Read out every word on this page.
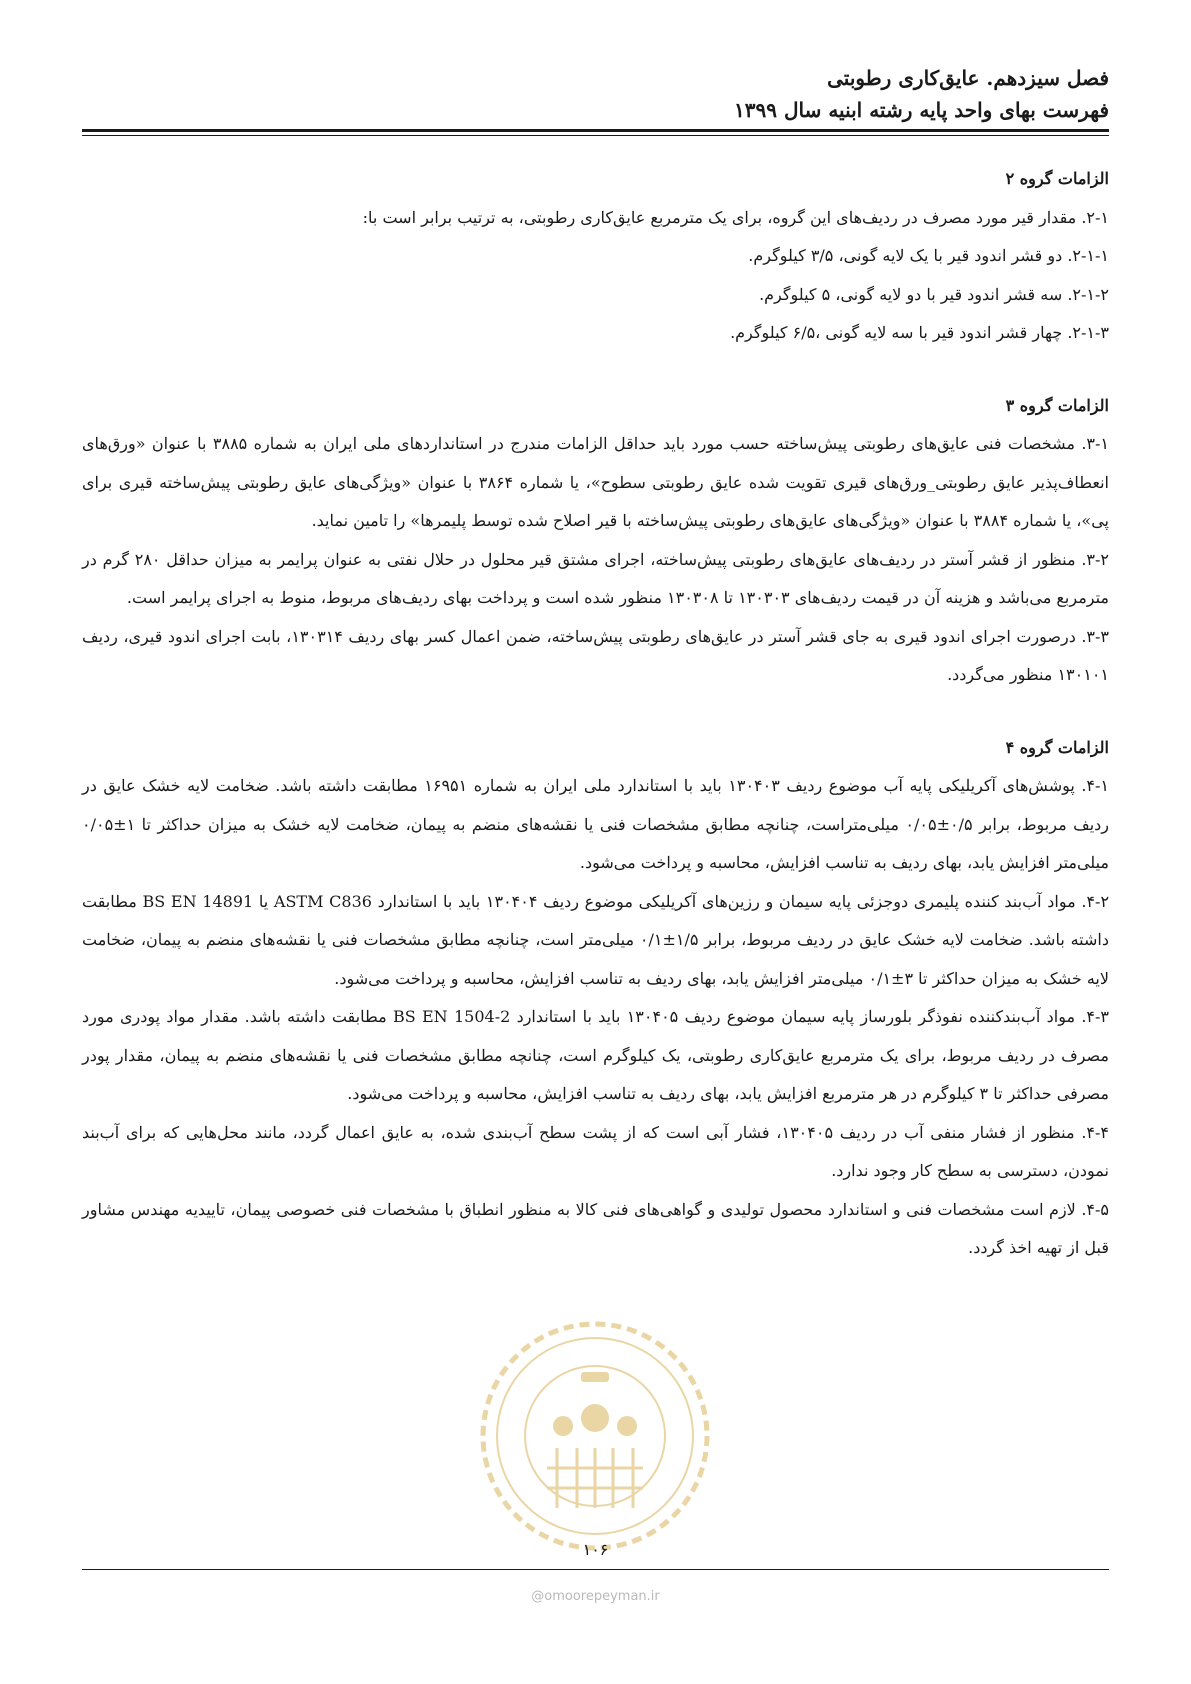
فصل سیزدهم. عایق‌کاری رطوبتی
فهرست بهای واحد پایه رشته ابنیه سال ۱۳۹۹
الزامات گروه ۲

۲-۱. مقدار قیر مورد مصرف در ردیف‌های این گروه، برای یک مترمربع عایق‌کاری رطوبتی، به ترتیب برابر است با:

۲-۱-۱. دو قشر اندود قیر با یک لایه گونی، ۳/۵ کیلوگرم.

۲-۱-۲. سه قشر اندود قیر با دو لایه گونی، ۵ کیلوگرم.

۲-۱-۳. چهار قشر اندود قیر با سه لایه گونی ،۶/۵ کیلوگرم.

الزامات گروه ۳

۳-۱. مشخصات فنی عایق‌های رطوبتی پیش‌ساخته حسب مورد باید حداقل الزامات مندرج در استانداردهای ملی ایران به شماره ۳۸۸۵ با عنوان «ورق‌های انعطاف‌پذیر عایق رطوبتی_ورق‌های قیری تقویت شده عایق رطوبتی سطوح»، یا شماره ۳۸۶۴ با عنوان «ویژگی‌های عایق رطوبتی پیش‌ساخته قیری برای پی»، یا شماره ۳۸۸۴ با عنوان «ویژگی‌های عایق‌های رطوبتی پیش‌ساخته با قیر اصلاح شده توسط پلیمرها» را تامین نماید.

۳-۲. منظور از قشر آستر در ردیف‌های عایق‌های رطوبتی پیش‌ساخته، اجرای مشتق قیر محلول در حلال نفتی به عنوان پرایمر به میزان حداقل ۲۸۰ گرم در مترمربع می‌باشد و هزینه آن در قیمت ردیف‌های ۱۳۰۳۰۳ تا ۱۳۰۳۰۸ منظور شده است و پرداخت بهای ردیف‌های مربوط، منوط به اجرای پرایمر است.

۳-۳. درصورت اجرای اندود قیری به جای قشر آستر در عایق‌های رطوبتی پیش‌ساخته، ضمن اعمال کسر بهای ردیف ۱۳۰۳۱۴، بابت اجرای اندود قیری، ردیف ۱۳۰۱۰۱ منظور می‌گردد.

الزامات گروه ۴

۴-۱. پوشش‌های آکریلیکی پایه آب موضوع ردیف ۱۳۰۴۰۳ باید با استاندارد ملی ایران به شماره ۱۶۹۵۱ مطابقت داشته باشد. ضخامت لایه خشک عایق در ردیف مربوط، برابر ۰/۵±۰/۰۵ میلی‌متراست، چنانچه مطابق مشخصات فنی یا نقشه‌های منضم به پیمان، ضخامت لایه خشک به میزان حداکثر تا ۱±۰/۰۵ میلی‌متر افزایش یابد، بهای ردیف به تناسب افزایش، محاسبه و پرداخت می‌شود.

۴-۲. مواد آب‌بند کننده پلیمری دوجزئی پایه سیمان و رزین‌های آکریلیکی موضوع ردیف ۱۳۰۴۰۴ باید با استاندارد ASTM C836 یا BS EN 14891 مطابقت داشته باشد. ضخامت لایه خشک عایق در ردیف مربوط، برابر ۱/۵±۰/۱ میلی‌متر است، چنانچه مطابق مشخصات فنی یا نقشه‌های منضم به پیمان، ضخامت لایه خشک به میزان حداکثر تا ۳±۰/۱ میلی‌متر افزایش یابد، بهای ردیف به تناسب افزایش، محاسبه و پرداخت می‌شود.

۴-۳. مواد آب‌بندکننده نفوذگر بلورساز پایه سیمان موضوع ردیف ۱۳۰۴۰۵ باید با استاندارد BS EN 1504-2 مطابقت داشته باشد. مقدار مواد پودری مورد مصرف در ردیف مربوط، برای یک مترمربع عایق‌کاری رطوبتی، یک کیلوگرم است، چنانچه مطابق مشخصات فنی یا نقشه‌های منضم به پیمان، مقدار پودر مصرفی حداکثر تا ۳ کیلوگرم در هر مترمربع افزایش یابد، بهای ردیف به تناسب افزایش، محاسبه و پرداخت می‌شود.

۴-۴. منظور از فشار منفی آب در ردیف ۱۳۰۴۰۵، فشار آبی است که از پشت سطح آب‌بندی شده، به عایق اعمال گردد، مانند محل‌هایی که برای آب‌بند نمودن، دسترسی به سطح کار وجود ندارد.

۴-۵. لازم است مشخصات فنی و استاندارد محصول تولیدی و گواهی‌های فنی کالا به منظور انطباق با مشخصات فنی خصوصی پیمان، تاییدیه مهندس مشاور قبل از تهیه اخذ گردد.

۱۰۶
@omoorepeyman.ir
